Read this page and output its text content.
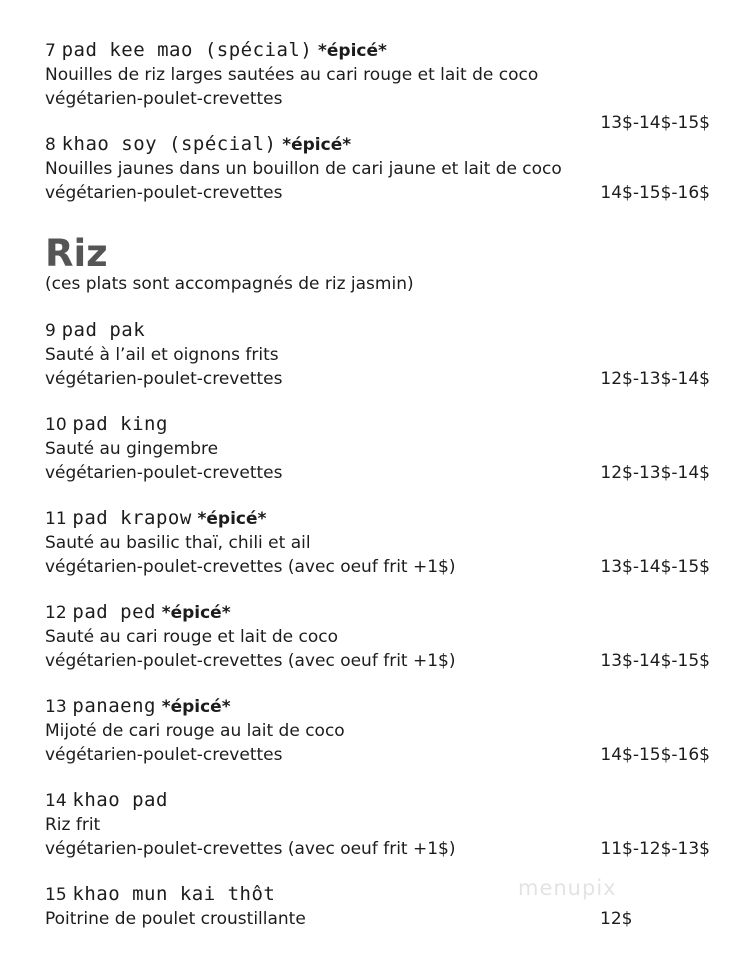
7 pad kee mao (spécial) *épicé*
Nouilles de riz larges sautées au cari rouge et lait de coco
végétarien-poulet-crevettes
13$-14$-15$
8 khao soy (spécial) *épicé*
Nouilles jaunes dans un bouillon de cari jaune et lait de coco
végétarien-poulet-crevettes	14$-15$-16$
Riz
(ces plats sont accompagnés de riz jasmin)
9 pad pak
Sauté à l’ail et oignons frits
végétarien-poulet-crevettes	12$-13$-14$
10 pad king
Sauté au gingembre
végétarien-poulet-crevettes	12$-13$-14$
11 pad krapow *épicé*
Sauté au basilic thaï, chili et ail
végétarien-poulet-crevettes (avec oeuf frit +1$)	13$-14$-15$
12 pad ped *épicé*
Sauté au cari rouge et lait de coco
végétarien-poulet-crevettes (avec oeuf frit +1$)	13$-14$-15$
13 panaeng *épicé*
Mijoté de cari rouge au lait de coco
végétarien-poulet-crevettes	14$-15$-16$
14 khao pad
Riz frit
végétarien-poulet-crevettes (avec oeuf frit +1$)	11$-12$-13$
menupix
15 khao mun kai thôt
Poitrine de poulet croustillante	12$
